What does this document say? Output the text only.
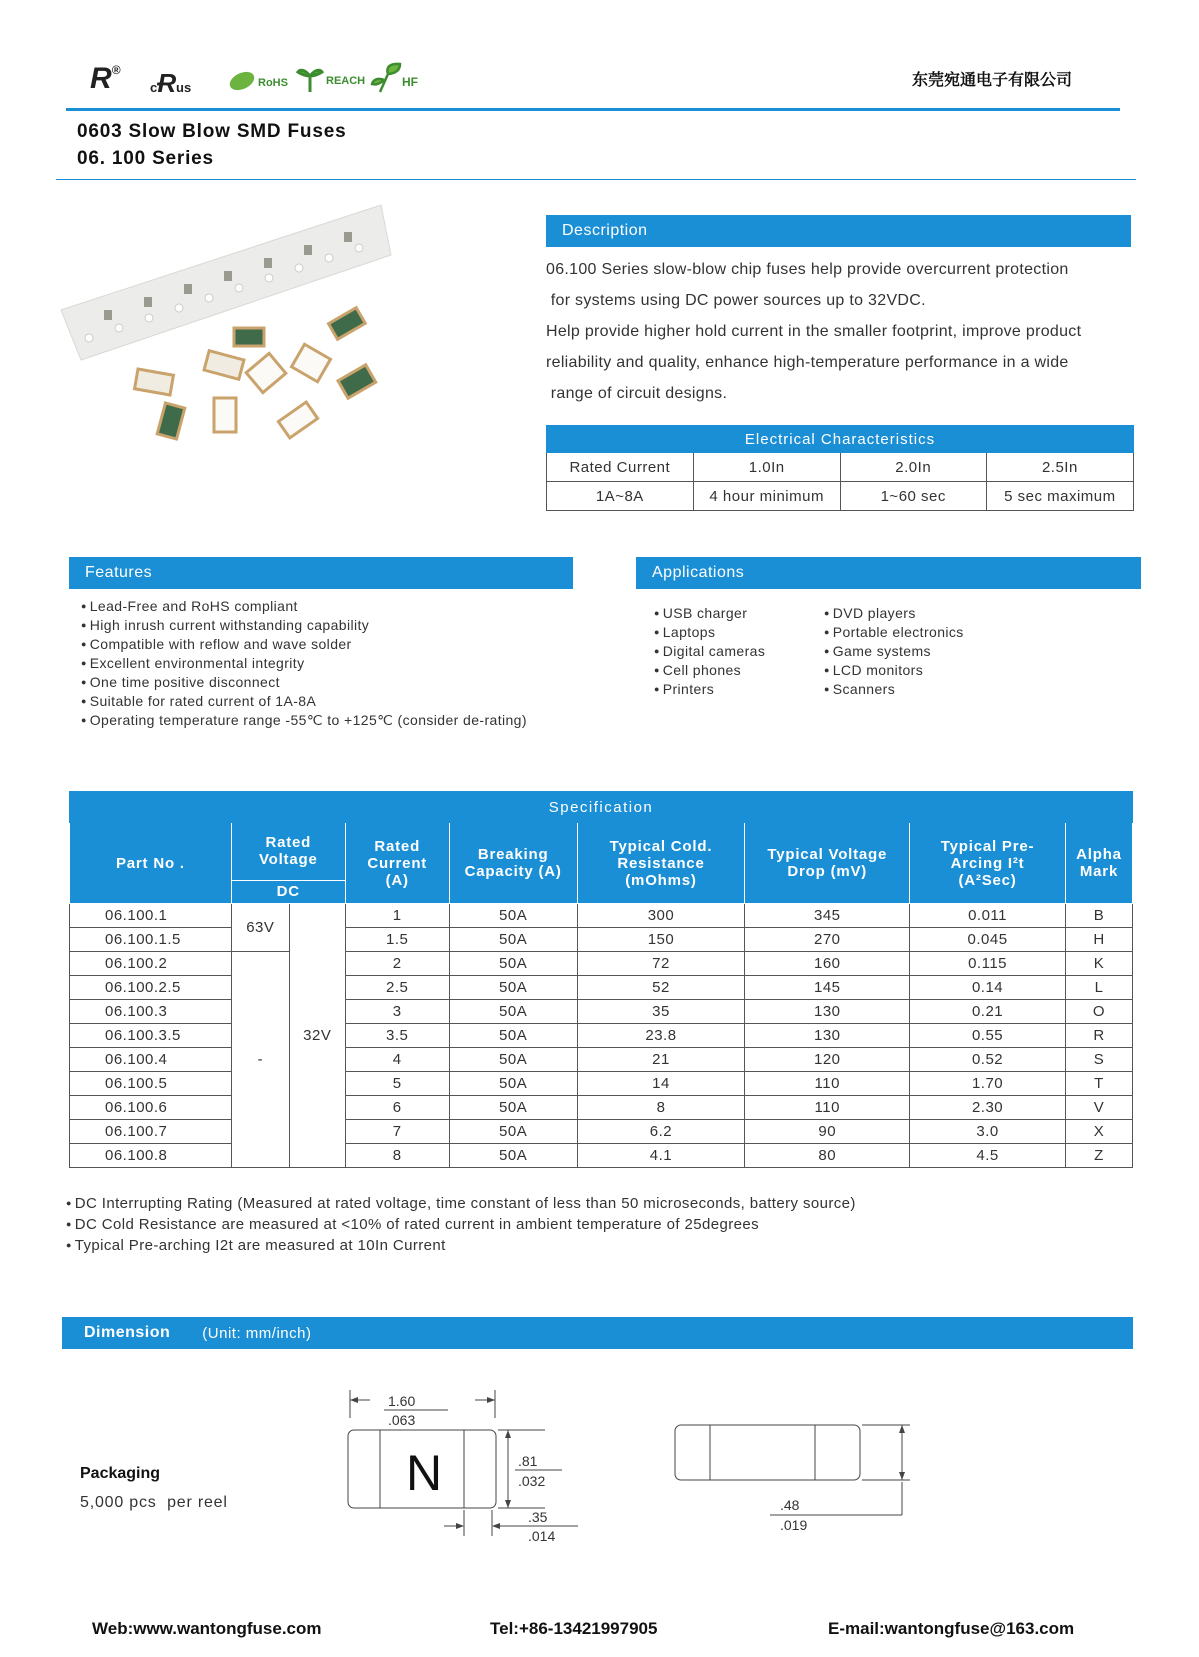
R®
cɌus	RoHS	REACH	HF	东莞宛通电子有限公司
0603 Slow Blow SMD Fuses
06. 100 Series
Description

06.100 Series slow-blow chip fuses help provide overcurrent protection

for systems using DC power sources up to 32VDC.

Help provide higher hold current in the smaller footprint, improve product

reliability and quality, enhance high-temperature performance in a wide

range of circuit designs.

Electrical Characteristics			
Rated Current	1.0In	2.0In	2.5In
1A~8A	4 hour minimum	1~60 sec	5 sec maximum
Features
● Lead-Free and RoHS compliant
● High inrush current withstanding capability
● Compatible with reflow and wave solder
● Excellent environmental integrity
● One time positive disconnect
● Suitable for rated current of 1A-8A
● Operating temperature range -55℃ to +125℃ (consider de-rating)
Applications
● USB charger
● Laptops
● Digital cameras
● Cell phones
● Printers
● DVD players
● Portable electronics
● Game systems
● LCD monitors
● Scanners
Specification								
Part No .	Rated Voltage		Rated Current (A)	Breaking Capacity (A)	Typical Cold. Resistance (mOhms)	Typical Voltage Drop (mV)	Typical Pre-Arcing I²t (A²Sec)	Alpha Mark
	DC							
06.100.1	63V	32V	1	50A	300	345	0.011	B
06.100.1.5			1.5	50A	150	270	0.045	H
06.100.2	-		2	50A	72	160	0.115	K
06.100.2.5			2.5	50A	52	145	0.14	L
06.100.3			3	50A	35	130	0.21	O
06.100.3.5			3.5	50A	23.8	130	0.55	R
06.100.4			4	50A	21	120	0.52	S
06.100.5			5	50A	14	110	1.70	T
06.100.6			6	50A	8	110	2.30	V
06.100.7			7	50A	6.2	90	3.0	X
06.100.8			8	50A	4.1	80	4.5	Z
● DC Interrupting Rating (Measured at rated voltage, time constant of less than 50 microseconds, battery source)
● DC Cold Resistance are measured at <10% of rated current in ambient temperature of 25degrees
● Typical Pre-arching I2t are measured at 10In Current
Dimension (Unit: mm/inch)
Packaging
5,000 pcs  per reel
1.60
.063
N	.81
.032
.35
.014
.48
.019
Web:www.wantongfuse.com	Tel:+86-13421997905	E-mail:wantongfuse@163.com
